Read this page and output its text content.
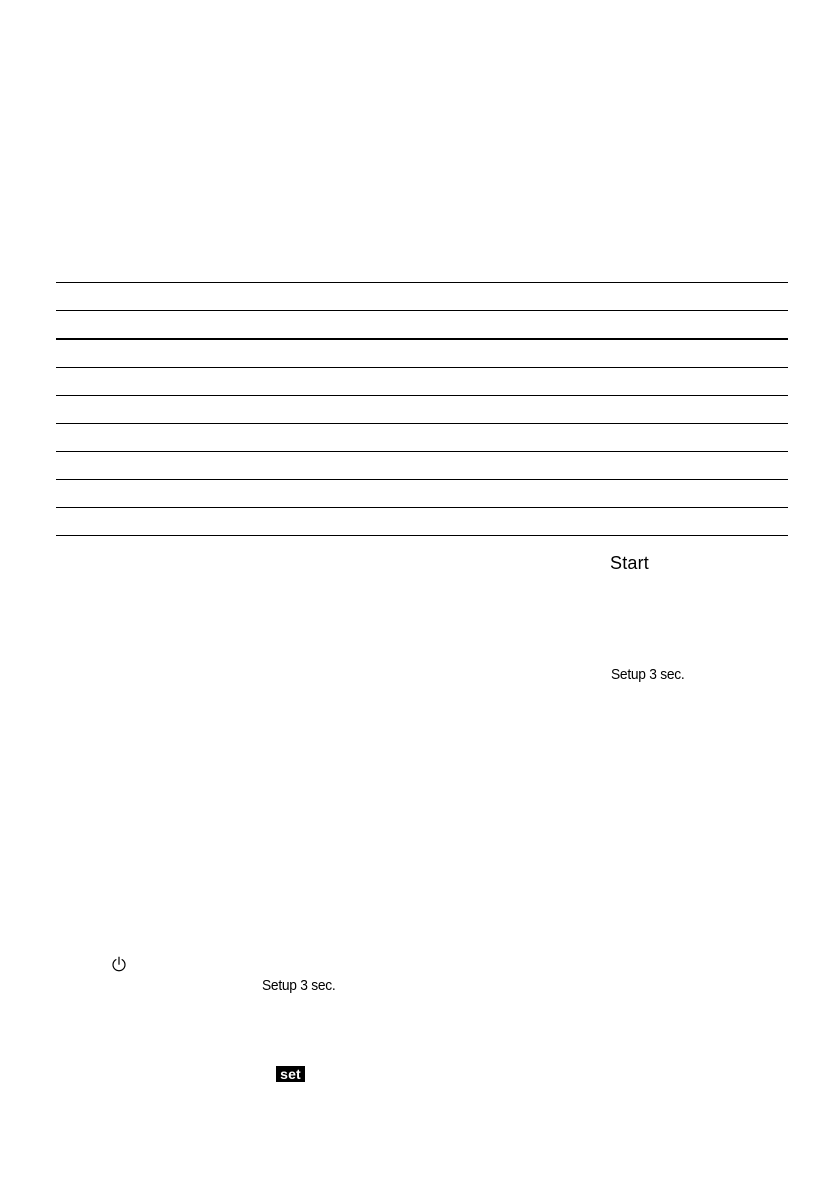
Start
Setup 3 sec.
Setup 3 sec.
set
